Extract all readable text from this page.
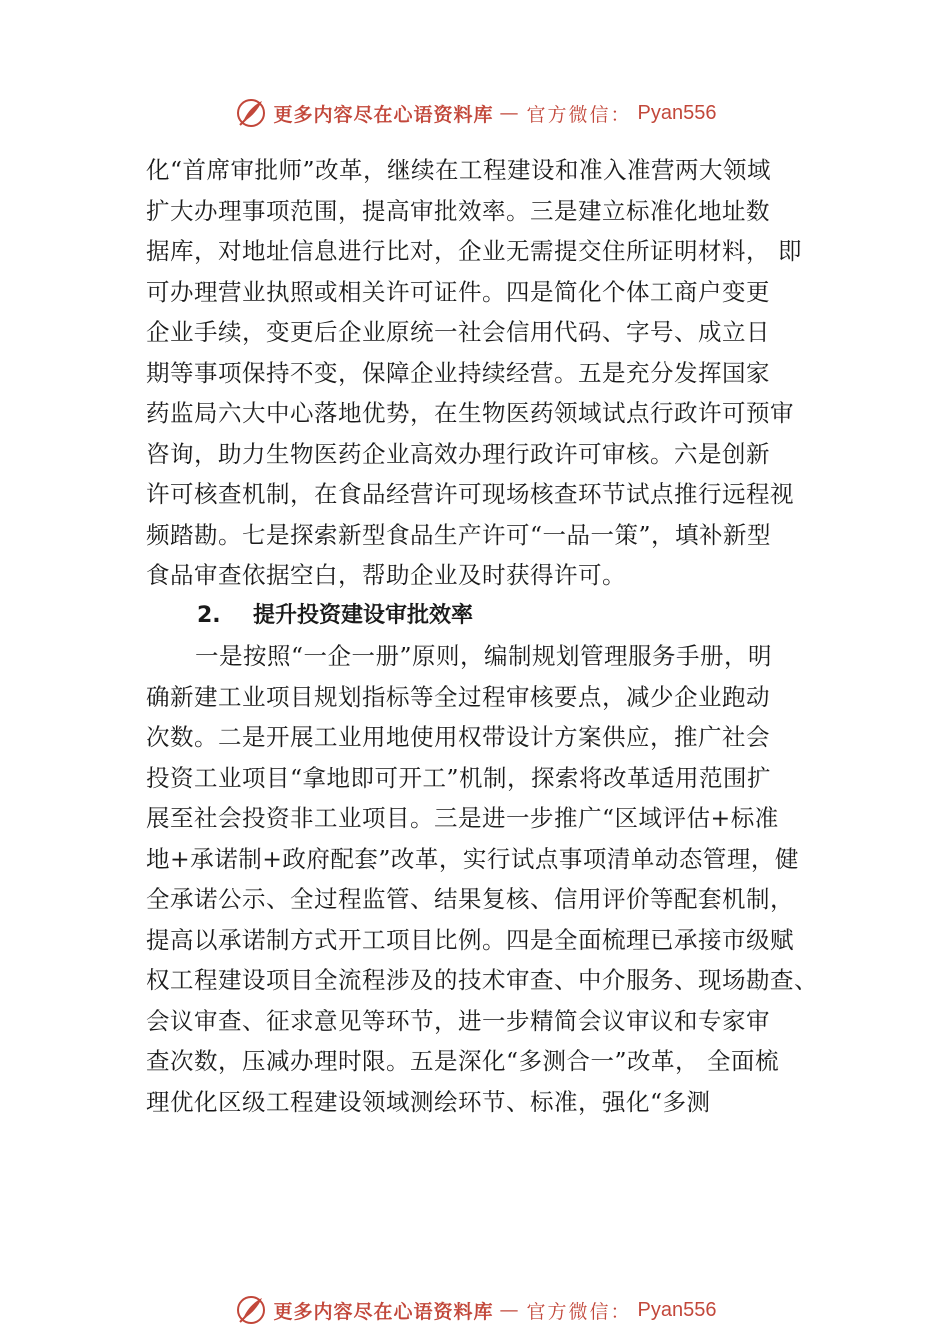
更多内容尽在心语资料库 — 官方微信： Pyan556
化“首席审批师”改革，继续在工程建设和准入准营两大领域
扩大办理事项范围，提高审批效率。三是建立标准化地址数
据库，对地址信息进行比对，企业无需提交住所证明材料， 即
可办理营业执照或相关许可证件。四是简化个体工商户变更
企业手续，变更后企业原统一社会信用代码、字号、成立日
期等事项保持不变，保障企业持续经营。五是充分发挥国家
药监局六大中心落地优势，在生物医药领域试点行政许可预审
咨询，助力生物医药企业高效办理行政许可审核。六是创新
许可核查机制，在食品经营许可现场核查环节试点推行远程视
频踏勘。七是探索新型食品生产许可“一品一策”，填补新型
食品审查依据空白，帮助企业及时获得许可。
2. 提升投资建设审批效率
一是按照“一企一册”原则，编制规划管理服务手册，明
确新建工业项目规划指标等全过程审核要点，减少企业跑动
次数。二是开展工业用地使用权带设计方案供应，推广社会
投资工业项目“拿地即可开工”机制，探索将改革适用范围扩
展至社会投资非工业项目。三是进一步推广“区域评估+标准
地+承诺制+政府配套”改革，实行试点事项清单动态管理，健
全承诺公示、全过程监管、结果复核、信用评价等配套机制，
提高以承诺制方式开工项目比例。四是全面梳理已承接市级赋
权工程建设项目全流程涉及的技术审查、中介服务、现场勘查、
会议审查、征求意见等环节，进一步精简会议审议和专家审
查次数，压减办理时限。五是深化“多测合一”改革， 全面梳
理优化区级工程建设领域测绘环节、标准，强化“多测
更多内容尽在心语资料库 — 官方微信： Pyan556
